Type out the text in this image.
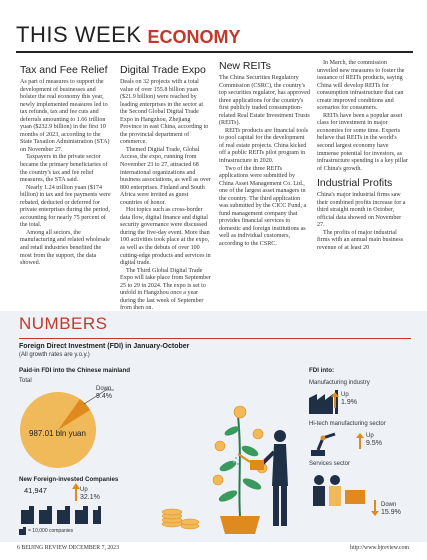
THIS WEEK ECONOMY
Tax and Fee Relief

As part of measures to support the development of businesses and bolster the real economy this year, newly implemented measures led to tax refunds, tax and fee cuts and deferrals amounting to 1.66 trillion yuan ($232.9 billion) in the first 10 months of 2023, according to the State Taxation Administration (STA) on November 27.

Taxpayers in the private sector became the primary beneficiaries of the country's tax and fee relief measures, the STA said.

Nearly 1.24 trillion yuan ($174 billion) in tax and fee payments were rebated, deducted or deferred for private enterprises during the period, accounting for nearly 75 percent of the total.

Among all sectors, the manufacturing and related wholesale and retail industries benefited the most from the support, the data showed.

Digital Trade Expo

Deals on 32 projects with a total value of over 155.8 billion yuan ($21.9 billion) were reached by leading enterprises in the sector at the Second Global Digital Trade Expo in Hangzhou, Zhejiang Province in east China, according to the provincial department of commerce.

Themed Digital Trade, Global Access, the expo, running from November 23 to 27, attracted 68 international organizations and business associations, as well as over 800 enterprises. Finland and South Africa were invited as guest countries of honor.

Hot topics such as cross-border data flow, digital finance and digital security governance were discussed during the five-day event. More than 100 activities took place at the expo, as well as the debuts of over 100 cutting-edge products and services in digital trade.

The Third Global Digital Trade Expo will take place from September 25 to 29 in 2024. The expo is set to unfold in Hangzhou once a year during the last week of September from then on.

New REITs

The China Securities Regulatory Commission (CSRC), the country's top securities regulator, has approved three applications for the country's first publicly traded consumption-related Real Estate Investment Trusts (REITs).

REITs products are financial tools to pool capital for the development of real estate projects. China kicked off a public REITs pilot program in infrastructure in 2020.

Two of the three REITs applications were submitted by China Asset Management Co. Ltd., one of the largest asset managers in the country. The third application was submitted by the CICC Fund, a fund management company that provides financial services to domestic and foreign institutions as well as individual customers, according to the CSRC.

In March, the commission unveiled new measures to foster the issuance of REITs products, saying China will develop REITs for consumption infrastructure that can create improved conditions and scenarios for consumers.

REITs have been a popular asset class for investment in major economies for some time. Experts believe that REITs in the world's second largest economy have immense potential for investors, as infrastructure spending is a key pillar of China's growth.

Industrial Profits

China's major industrial firms saw their combined profits increase for a third straight month in October, official data showed on November 27.

The profits of major industrial firms with an annual main business revenue of at least 20

NUMBERS
Foreign Direct Investment (FDI) in January-October
(All growth rates are y.o.y.)
Paid-in FDI into the Chinese mainland
Total
987.01 bln yuan
Down
9.4%
New Foreign-invested Companies
41,947	Up
32.1%
= 10,000 companies
FDI into:
Manufacturing industry
Up
1.9%
Hi-tech manufacturing sector
Up
9.5%
Services sector
Down
15.9%
6 BEIJING REVIEW DECEMBER 7, 2023	http://www.bjreview.com
